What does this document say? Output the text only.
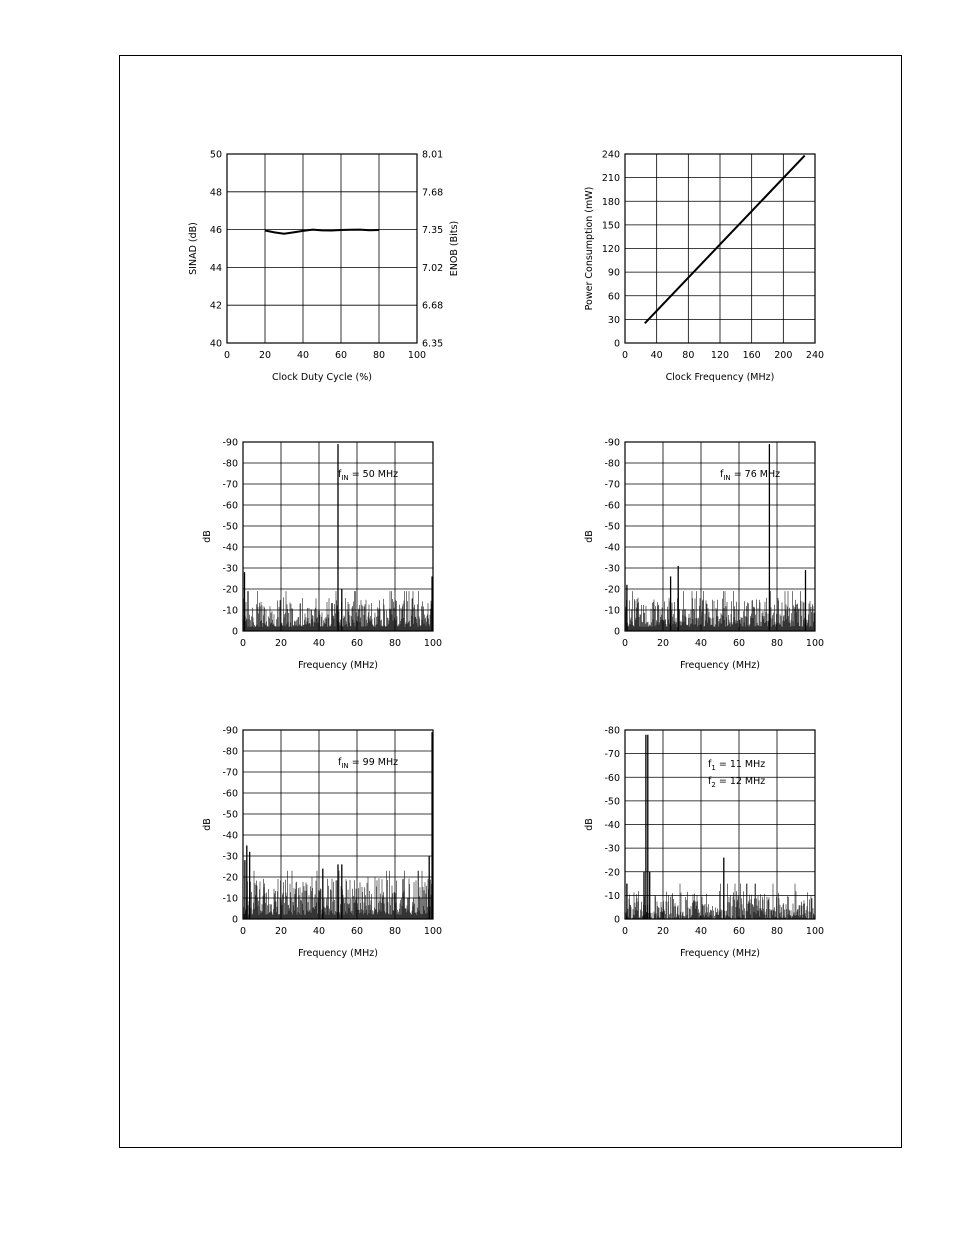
0	20	40	60	80 100
40
42
44
46
48
50
6.35
6.68
7.02
7.35
7.68
8.01
Clock Duty Cycle (%)
SINAD (dB)	ENOB (Bits)
0 40 80 120 160 200 240
0
30
60
90
120
150
180
210
240
Clock Frequency (MHz)
Power Consumption (mW)
0	20	40	60	80 100
0
-10
-20
-30
-40
-50
-60
-70
-80
-90
Frequency (MHz)
dB
$f_{IN} = 50$ MHz
0	20	40	60	80 100
0
-10
-20
-30
-40
-50
-60
-70
-80
-90
Frequency (MHz)
dB
$f_{IN} = 76$ MHz
0	20	40	60	80 100
0
-10
-20
-30
-40
-50
-60
-70
-80
-90
Frequency (MHz)
dB
$f_{IN} = 99$ MHz
0	20	40	60	80 100
0
-10
-20
-30
-40
-50
-60
-70
-80
Frequency (MHz)
dB
$f_1 = 11$ MHz
$f_2 = 12$ MHz
